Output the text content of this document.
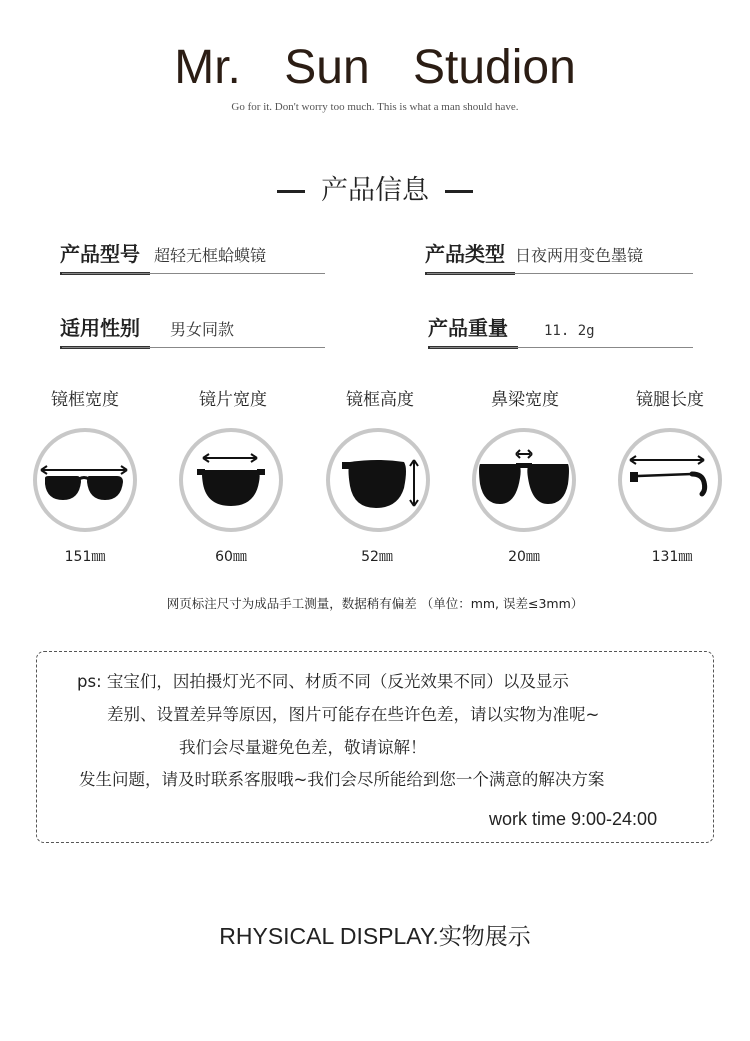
Mr. Sun Studion
Go for it. Don't worry too much. This is what a man should have.
产品信息
产品型号 超轻无框蛤蟆镜	产品类型 日夜两用变色墨镜
适用性别 男女同款	产品重量	11. 2g
镜框宽度	镜片宽度	镜框高度	鼻梁宽度	镜腿长度
151㎜	60㎜	52㎜	20㎜	131㎜
网页标注尺寸为成品手工测量，数据稍有偏差 （单位：mm, 误差≤3mm）
ps: 宝宝们，因拍摄灯光不同、材质不同（反光效果不同）以及显示
差别、设置差异等原因，图片可能存在些许色差，请以实物为准呢~
我们会尽量避免色差，敬请谅解！
发生问题，请及时联系客服哦~我们会尽所能给到您一个满意的解决方案
work time 9:00-24:00
RHYSICAL DISPLAY.实物展示
